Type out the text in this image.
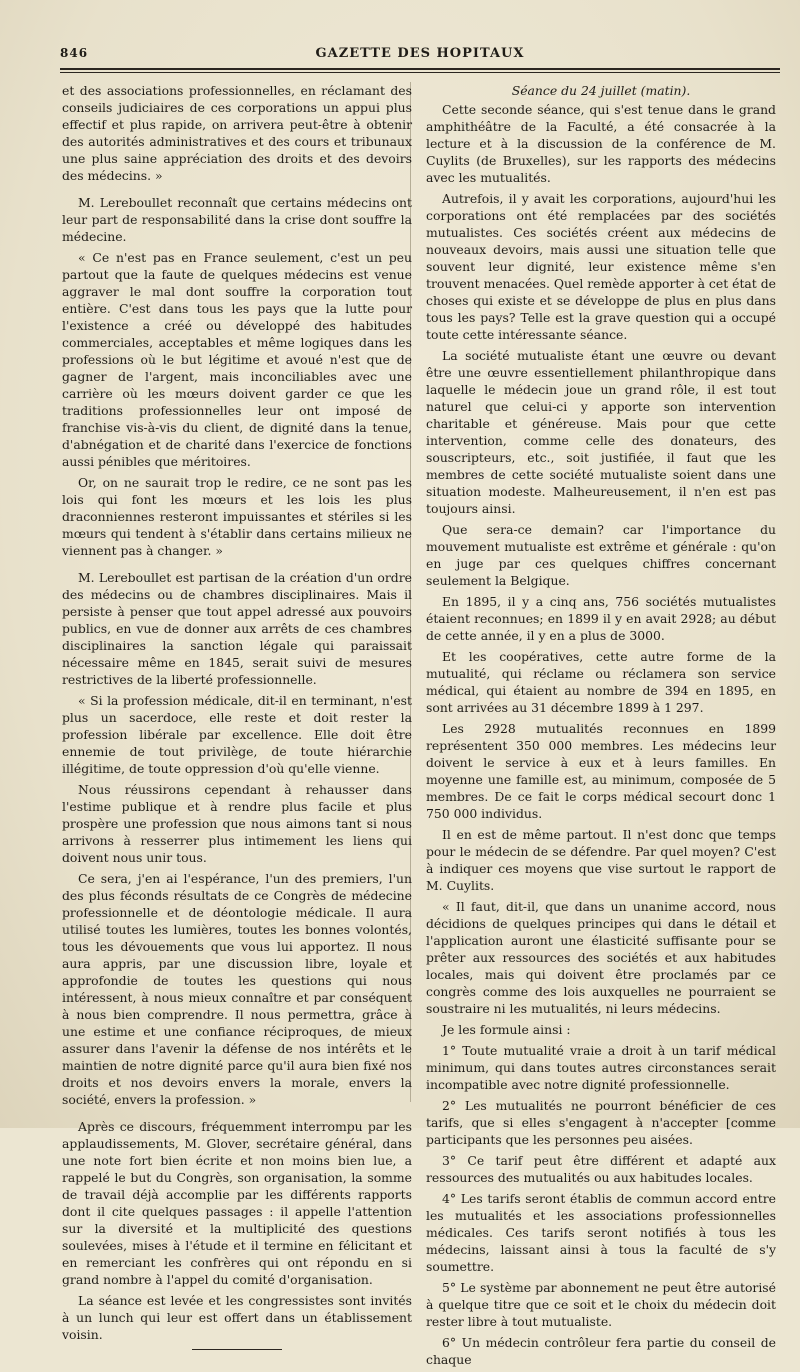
846	GAZETTE DES HOPITAUX

et des associations professionnelles, en réclamant des conseils judiciaires de ces corporations un appui plus effectif et plus rapide, on arrivera peut-être à obtenir des autorités administratives et des cours et tribunaux une plus saine appréciation des droits et des devoirs des médecins. »

M. Lereboullet reconnaît que certains médecins ont leur part de responsabilité dans la crise dont souffre la médecine.

« Ce n'est pas en France seulement, c'est un peu partout que la faute de quelques médecins est venue aggraver le mal dont souffre la corporation tout entière. C'est dans tous les pays que la lutte pour l'existence a créé ou développé des habitudes commerciales, acceptables et même logiques dans les professions où le but légitime et avoué n'est que de gagner de l'argent, mais inconciliables avec une carrière où les mœurs doivent garder ce que les traditions professionnelles leur ont imposé de franchise vis-à-vis du client, de dignité dans la tenue, d'abnégation et de charité dans l'exercice de fonctions aussi pénibles que méritoires.

Or, on ne saurait trop le redire, ce ne sont pas les lois qui font les mœurs et les lois les plus draconniennes resteront impuissantes et stériles si les mœurs qui tendent à s'établir dans certains milieux ne viennent pas à changer. »

M. Lereboullet est partisan de la création d'un ordre des médecins ou de chambres disciplinaires. Mais il persiste à penser que tout appel adressé aux pouvoirs publics, en vue de donner aux arrêts de ces chambres disciplinaires la sanction légale qui paraissait nécessaire même en 1845, serait suivi de mesures restrictives de la liberté professionnelle.

« Si la profession médicale, dit-il en terminant, n'est plus un sacerdoce, elle reste et doit rester la profession libérale par excellence. Elle doit être ennemie de tout privilège, de toute hiérarchie illégitime, de toute oppression d'où qu'elle vienne.

Nous réussirons cependant à rehausser dans l'estime publique et à rendre plus facile et plus prospère une profession que nous aimons tant si nous arrivons à resserrer plus intimement les liens qui doivent nous unir tous.

Ce sera, j'en ai l'espérance, l'un des premiers, l'un des plus féconds résultats de ce Congrès de médecine professionnelle et de déontologie médicale. Il aura utilisé toutes les lumières, toutes les bonnes volontés, tous les dévouements que vous lui apportez. Il nous aura appris, par une discussion libre, loyale et approfondie de toutes les questions qui nous intéressent, à nous mieux connaître et par conséquent à nous bien comprendre. Il nous permettra, grâce à une estime et une confiance réciproques, de mieux assurer dans l'avenir la défense de nos intérêts et le maintien de notre dignité parce qu'il aura bien fixé nos droits et nos devoirs envers la morale, envers la société, envers la profession. »

Après ce discours, fréquemment interrompu par les applaudissements, M. Glover, secrétaire général, dans une note fort bien écrite et non moins bien lue, a rappelé le but du Congrès, son organisation, la somme de travail déjà accomplie par les différents rapports dont il cite quelques passages : il appelle l'attention sur la diversité et la multiplicité des questions soulevées, mises à l'étude et il termine en félicitant et en remerciant les confrères qui ont répondu en si grand nombre à l'appel du comité d'organisation.

La séance est levée et les congressistes sont invités à un lunch qui leur est offert dans un établissement voisin.

Séance du 24 juillet (matin).

Cette seconde séance, qui s'est tenue dans le grand amphithéâtre de la Faculté, a été consacrée à la lecture et à la discussion de la conférence de M. Cuylits (de Bruxelles), sur les rapports des médecins avec les mutualités.

Autrefois, il y avait les corporations, aujourd'hui les corporations ont été remplacées par des sociétés mutualistes. Ces sociétés créent aux médecins de nouveaux devoirs, mais aussi une situation telle que souvent leur dignité, leur existence même s'en trouvent menacées. Quel remède apporter à cet état de choses qui existe et se développe de plus en plus dans tous les pays? Telle est la grave question qui a occupé toute cette intéressante séance.

La société mutualiste étant une œuvre ou devant être une œuvre essentiellement philanthropique dans laquelle le médecin joue un grand rôle, il est tout naturel que celui-ci y apporte son intervention charitable et généreuse. Mais pour que cette intervention, comme celle des donateurs, des souscripteurs, etc., soit justifiée, il faut que les membres de cette société mutualiste soient dans une situation modeste. Malheureusement, il n'en est pas toujours ainsi.

Que sera-ce demain? car l'importance du mouvement mutualiste est extrême et générale : qu'on en juge par ces quelques chiffres concernant seulement la Belgique.

En 1895, il y a cinq ans, 756 sociétés mutualistes étaient reconnues; en 1899 il y en avait 2928; au début de cette année, il y en a plus de 3000.

Et les coopératives, cette autre forme de la mutualité, qui réclame ou réclamera son service médical, qui étaient au nombre de 394 en 1895, en sont arrivées au 31 décembre 1899 à 1 297.

Les 2928 mutualités reconnues en 1899 représentent 350 000 membres. Les médecins leur doivent le service à eux et à leurs familles. En moyenne une famille est, au minimum, composée de 5 membres. De ce fait le corps médical secourt donc 1 750 000 individus.

Il en est de même partout. Il n'est donc que temps pour le médecin de se défendre. Par quel moyen? C'est à indiquer ces moyens que vise surtout le rapport de M. Cuylits.

« Il faut, dit-il, que dans un unanime accord, nous décidions de quelques principes qui dans le détail et l'application auront une élasticité suffisante pour se prêter aux ressources des sociétés et aux habitudes locales, mais qui doivent être proclamés par ce congrès comme des lois auxquelles ne pourraient se soustraire ni les mutualités, ni leurs médecins.

Je les formule ainsi :

1° Toute mutualité vraie a droit à un tarif médical minimum, qui dans toutes autres circonstances serait incompatible avec notre dignité professionnelle.

2° Les mutualités ne pourront bénéficier de ces tarifs, que si elles s'engagent à n'accepter [comme participants que les personnes peu aisées.

3° Ce tarif peut être différent et adapté aux ressources des mutualités ou aux habitudes locales.

4° Les tarifs seront établis de commun accord entre les mutualités et les associations professionnelles médicales. Ces tarifs seront notifiés à tous les médecins, laissant ainsi à tous la faculté de s'y soumettre.

5° Le système par abonnement ne peut être autorisé à quelque titre que ce soit et le choix du médecin doit rester libre à tout mutualiste.

6° Un médecin contrôleur fera partie du conseil de chaque
